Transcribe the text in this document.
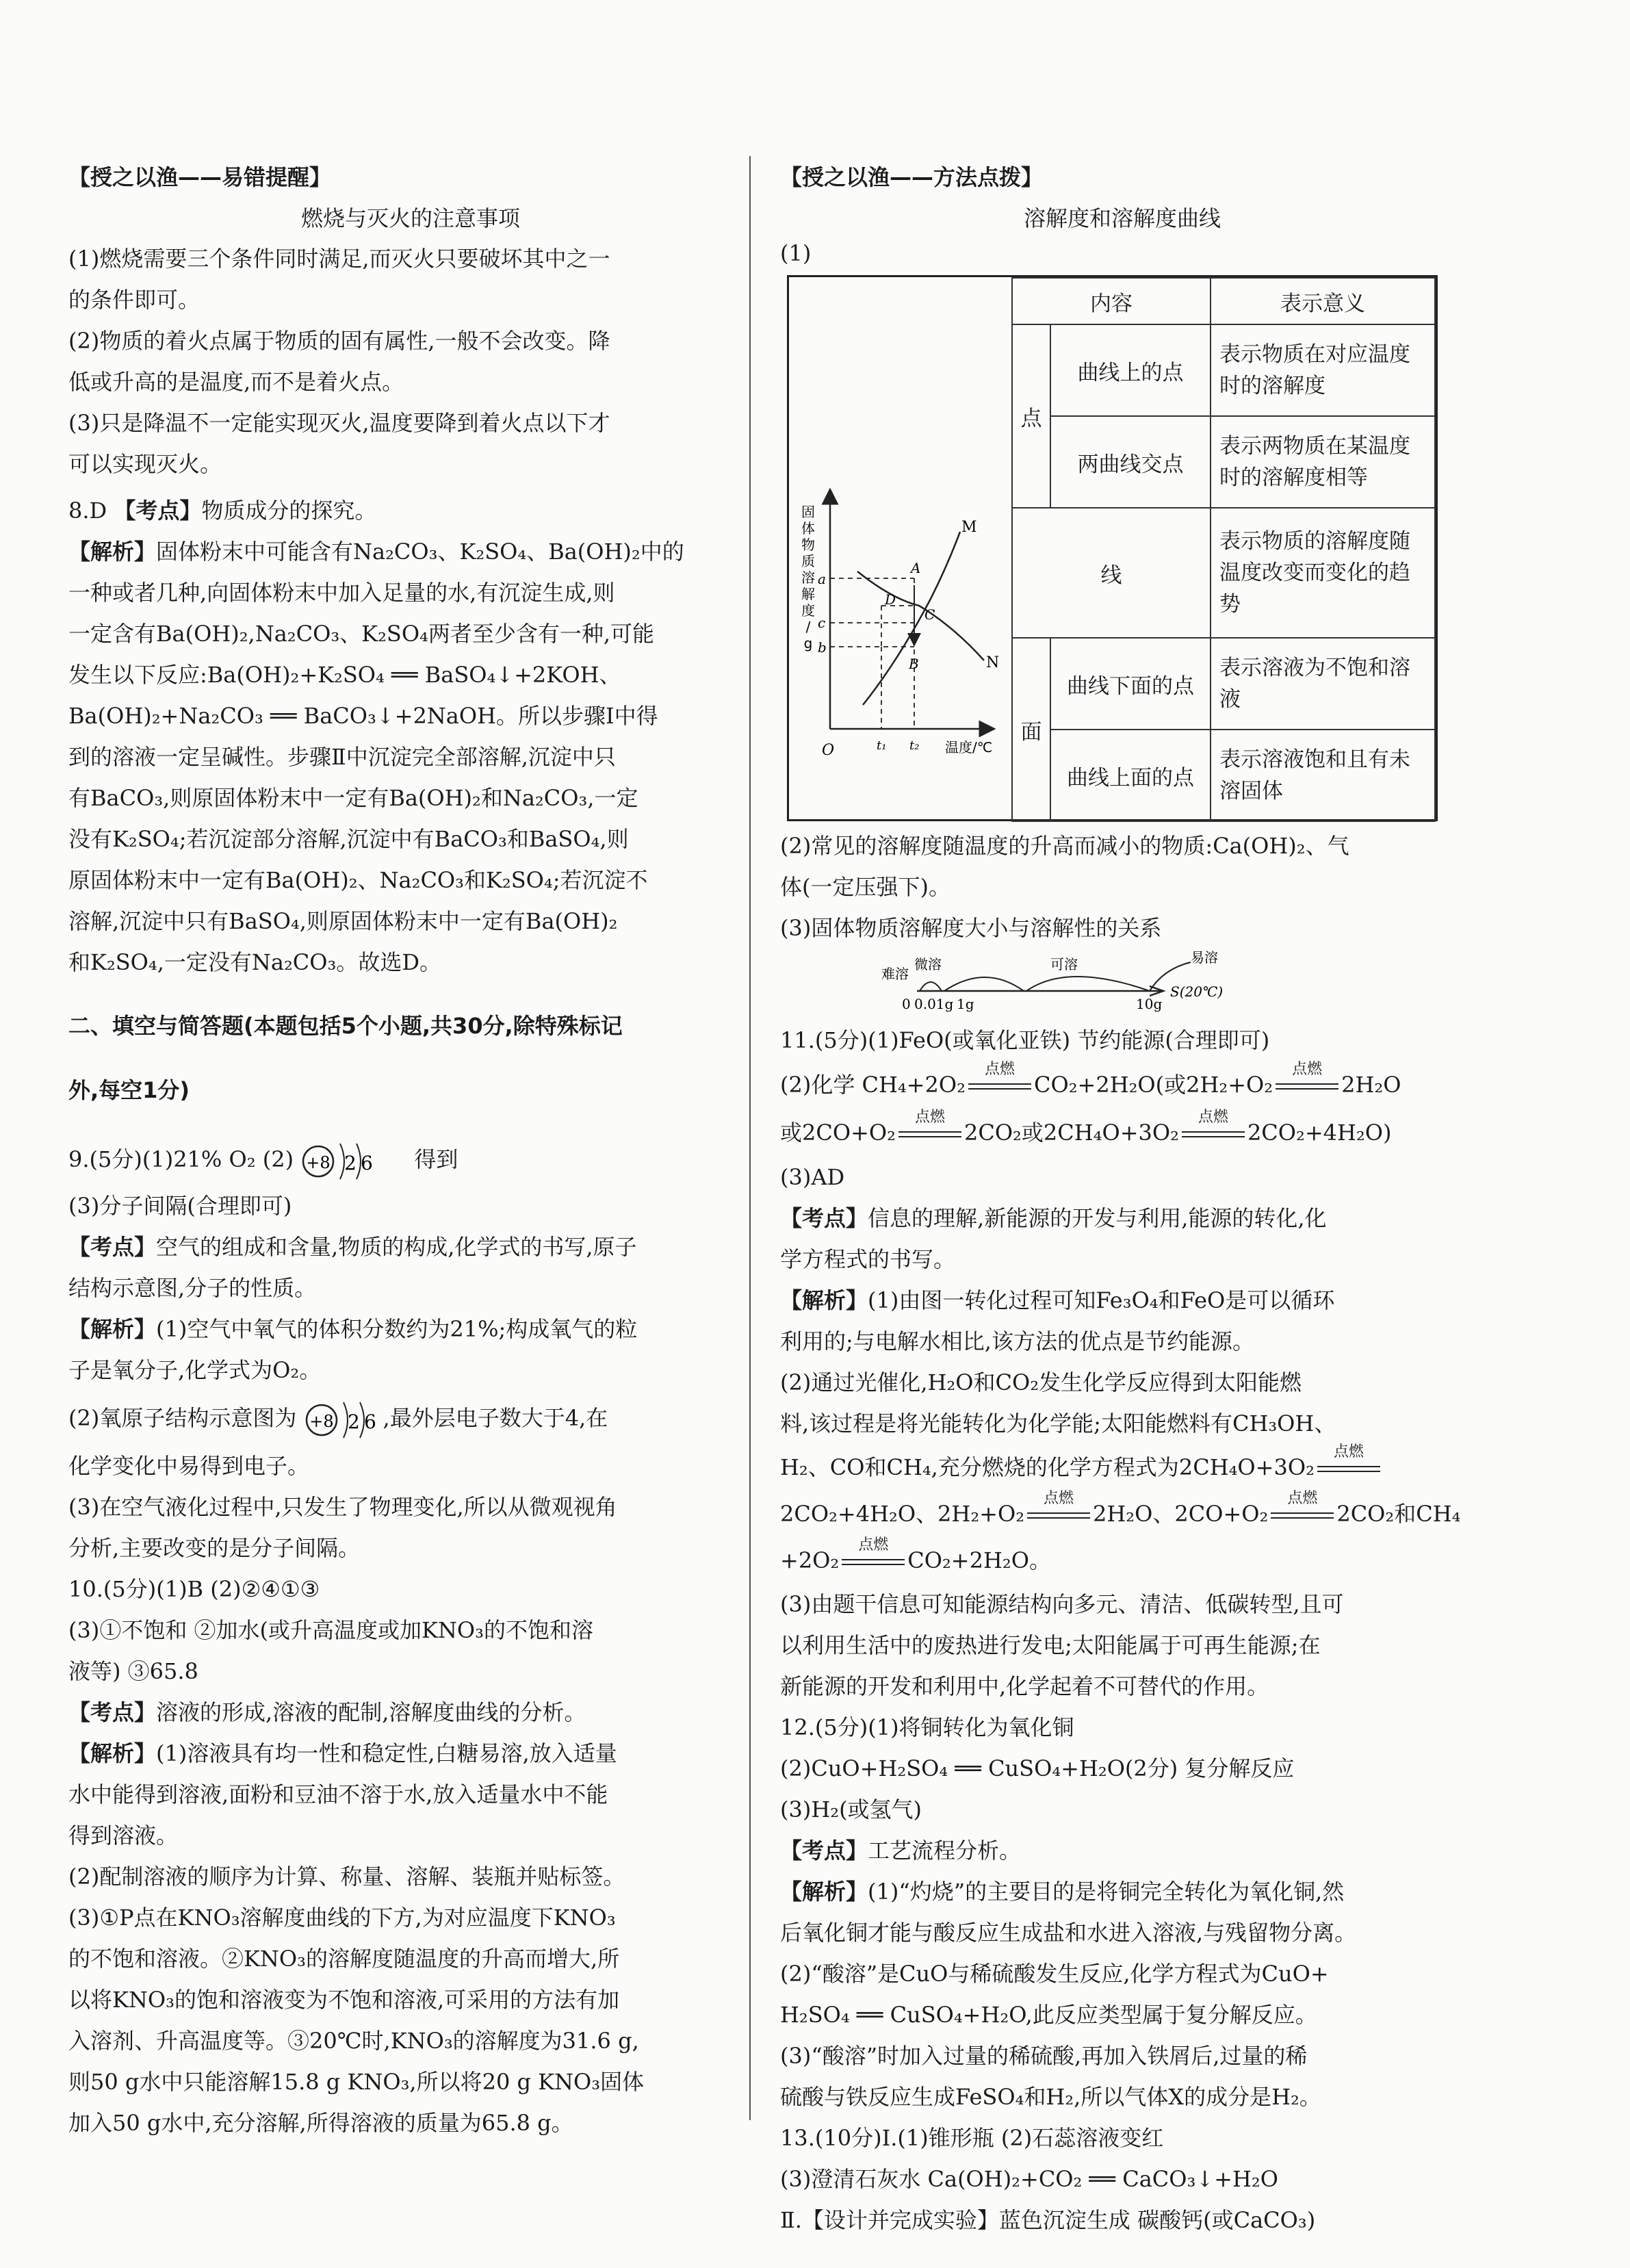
【授之以渔——易错提醒】
燃烧与灭火的注意事项

(1)燃烧需要三个条件同时满足,而灭火只要破坏其中之一

的条件即可。

(2)物质的着火点属于物质的固有属性,一般不会改变。降

低或升高的是温度,而不是着火点。

(3)只是降温不一定能实现灭火,温度要降到着火点以下才

可以实现灭火。

8.D 【考点】物质成分的探究。

【解析】固体粉末中可能含有Na₂CO₃、K₂SO₄、Ba(OH)₂中的

一种或者几种,向固体粉末中加入足量的水,有沉淀生成,则

一定含有Ba(OH)₂,Na₂CO₃、K₂SO₄两者至少含有一种,可能

发生以下反应:Ba(OH)₂+K₂SO₄ ══ BaSO₄↓+2KOH、

Ba(OH)₂+Na₂CO₃ ══ BaCO₃↓+2NaOH。所以步骤Ⅰ中得

到的溶液一定呈碱性。步骤Ⅱ中沉淀完全部溶解,沉淀中只

有BaCO₃,则原固体粉末中一定有Ba(OH)₂和Na₂CO₃,一定

没有K₂SO₄;若沉淀部分溶解,沉淀中有BaCO₃和BaSO₄,则

原固体粉末中一定有Ba(OH)₂、Na₂CO₃和K₂SO₄;若沉淀不

溶解,沉淀中只有BaSO₄,则原固体粉末中一定有Ba(OH)₂

和K₂SO₄,一定没有Na₂CO₃。故选D。

二、填空与简答题(本题包括5个小题,共30分,除特殊标记

外,每空1分)

9.(5分)(1)21% O₂ (2) +8 2 6 得到

(3)分子间隔(合理即可)

【考点】空气的组成和含量,物质的构成,化学式的书写,原子

结构示意图,分子的性质。

【解析】(1)空气中氧气的体积分数约为21%;构成氧气的粒

子是氧分子,化学式为O₂。

(2)氧原子结构示意图为 +8 2 6 ,最外层电子数大于4,在

化学变化中易得到电子。

(3)在空气液化过程中,只发生了物理变化,所以从微观视角

分析,主要改变的是分子间隔。

10.(5分)(1)B (2)②④①③

(3)①不饱和 ②加水(或升高温度或加KNO₃的不饱和溶

液等) ③65.8

【考点】溶液的形成,溶液的配制,溶解度曲线的分析。

【解析】(1)溶液具有均一性和稳定性,白糖易溶,放入适量

水中能得到溶液,面粉和豆油不溶于水,放入适量水中不能

得到溶液。

(2)配制溶液的顺序为计算、称量、溶解、装瓶并贴标签。

(3)①P点在KNO₃溶解度曲线的下方,为对应温度下KNO₃

的不饱和溶液。②KNO₃的溶解度随温度的升高而增大,所

以将KNO₃的饱和溶液变为不饱和溶液,可采用的方法有加

入溶剂、升高温度等。③20℃时,KNO₃的溶解度为31.6 g,

则50 g水中只能溶解15.8 g KNO₃,所以将20 g KNO₃固体

加入50 g水中,充分溶解,所得溶液的质量为65.8 g。

【授之以渔——方法点拨】
溶解度和溶解度曲线

(1)

固
体
物
质
溶
解
度
/
g
O
M
N
A
D
C
B
a
c
b
t₁ t₂ 温度/℃
内容		表示意义
点	曲线上的点	表示物质在对应温度时的溶解度
	两曲线交点	表示两物质在某温度时的溶解度相等
线		表示物质的溶解度随温度改变而变化的趋势
面	曲线下面的点	表示溶液为不饱和溶液
	曲线上面的点	表示溶液饱和且有未溶固体

(2)常见的溶解度随温度的升高而减小的物质:Ca(OH)₂、气

体(一定压强下)。

(3)固体物质溶解度大小与溶解性的关系

难溶
微溶	可溶	易溶
0 0.01g 1g	10g
S(20℃)

11.(5分)(1)FeO(或氧化亚铁) 节约能源(合理即可)

(2)化学 CH₄+2O₂
点燃
CO₂+2H₂O(或2H₂+O₂
点燃
2H₂O

或2CO+O₂
点燃
2CO₂或2CH₄O+3O₂
点燃
2CO₂+4H₂O)

(3)AD

【考点】信息的理解,新能源的开发与利用,能源的转化,化

学方程式的书写。

【解析】(1)由图一转化过程可知Fe₃O₄和FeO是可以循环

利用的;与电解水相比,该方法的优点是节约能源。

(2)通过光催化,H₂O和CO₂发生化学反应得到太阳能燃

料,该过程是将光能转化为化学能;太阳能燃料有CH₃OH、

H₂、CO和CH₄,充分燃烧的化学方程式为2CH₄O+3O₂
点燃

2CO₂+4H₂O、2H₂+O₂
点燃
2H₂O、2CO+O₂
点燃
2CO₂和CH₄

+2O₂
点燃
CO₂+2H₂O。

(3)由题干信息可知能源结构向多元、清洁、低碳转型,且可

以利用生活中的废热进行发电;太阳能属于可再生能源;在

新能源的开发和利用中,化学起着不可替代的作用。

12.(5分)(1)将铜转化为氧化铜

(2)CuO+H₂SO₄ ══ CuSO₄+H₂O(2分) 复分解反应

(3)H₂(或氢气)

【考点】工艺流程分析。

【解析】(1)“灼烧”的主要目的是将铜完全转化为氧化铜,然

后氧化铜才能与酸反应生成盐和水进入溶液,与残留物分离。

(2)“酸溶”是CuO与稀硫酸发生反应,化学方程式为CuO+

H₂SO₄ ══ CuSO₄+H₂O,此反应类型属于复分解反应。

(3)“酸溶”时加入过量的稀硫酸,再加入铁屑后,过量的稀

硫酸与铁反应生成FeSO₄和H₂,所以气体X的成分是H₂。

13.(10分)Ⅰ.(1)锥形瓶 (2)石蕊溶液变红

(3)澄清石灰水 Ca(OH)₂+CO₂ ══ CaCO₃↓+H₂O

Ⅱ.【设计并完成实验】蓝色沉淀生成 碳酸钙(或CaCO₃)
